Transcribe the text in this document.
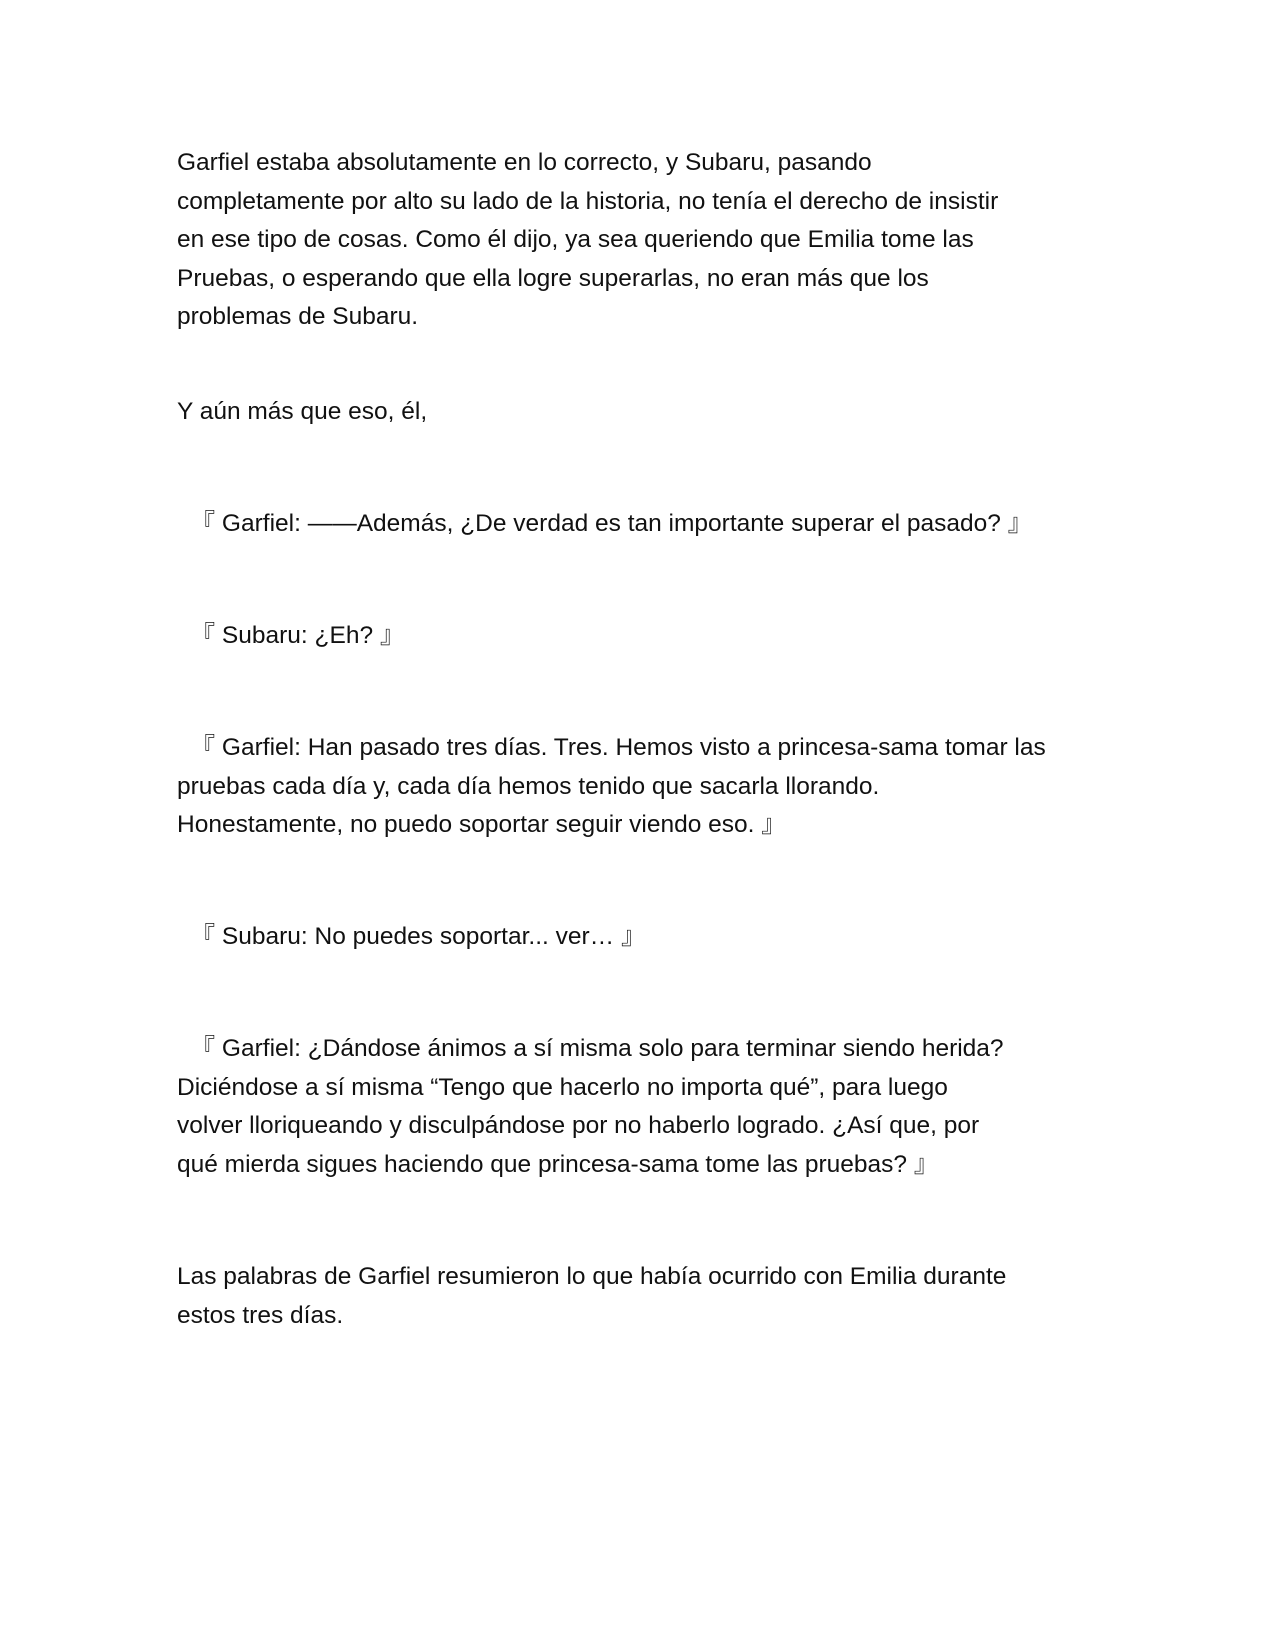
Garfiel estaba absolutamente en lo correcto, y Subaru, pasando
completamente por alto su lado de la historia, no tenía el derecho de insistir
en ese tipo de cosas. Como él dijo, ya sea queriendo que Emilia tome las
Pruebas, o esperando que ella logre superarlas, no eran más que los
problemas de Subaru.

Y aún más que eso, él,

『 Garfiel: ——Además, ¿De verdad es tan importante superar el pasado? 』

『 Subaru: ¿Eh? 』

『 Garfiel: Han pasado tres días. Tres. Hemos visto a princesa-sama tomar las
pruebas cada día y, cada día hemos tenido que sacarla llorando.
Honestamente, no puedo soportar seguir viendo eso. 』

『 Subaru: No puedes soportar... ver… 』

『 Garfiel: ¿Dándose ánimos a sí misma solo para terminar siendo herida?
Diciéndose a sí misma “Tengo que hacerlo no importa qué”, para luego
volver lloriqueando y disculpándose por no haberlo logrado. ¿Así que, por
qué mierda sigues haciendo que princesa-sama tome las pruebas? 』

Las palabras de Garfiel resumieron lo que había ocurrido con Emilia durante
estos tres días.
